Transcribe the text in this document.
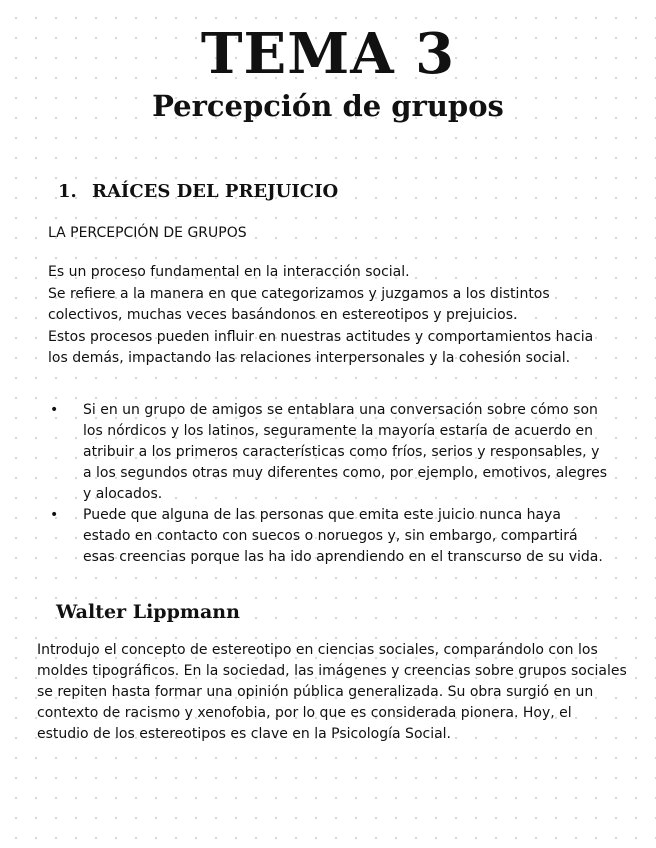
TEMA 3
Percepción de grupos
1. RAÍCES DEL PREJUICIO
LA PERCEPCIÓN DE GRUPOS
Es un proceso fundamental en la interacción social.
Se refiere a la manera en que categorizamos y juzgamos a los distintos colectivos, muchas veces basándonos en estereotipos y prejuicios.
Estos procesos pueden influir en nuestras actitudes y comportamientos hacia los demás, impactando las relaciones interpersonales y la cohesión social.
• Si en un grupo de amigos se entablara una conversación sobre cómo son los nórdicos y los latinos, seguramente la mayoría estaría de acuerdo en atribuir a los primeros características como fríos, serios y responsables, y a los segundos otras muy diferentes como, por ejemplo, emotivos, alegres y alocados.
• Puede que alguna de las personas que emita este juicio nunca haya estado en contacto con suecos o noruegos y, sin embargo, compartirá esas creencias porque las ha ido aprendiendo en el transcurso de su vida.
Walter Lippmann

Introdujo el concepto de estereotipo en ciencias sociales, comparándolo con los moldes tipográficos. En la sociedad, las imágenes y creencias sobre grupos sociales se repiten hasta formar una opinión pública generalizada. Su obra surgió en un contexto de racismo y xenofobia, por lo que es considerada pionera. Hoy, el estudio de los estereotipos es clave en la Psicología Social.
